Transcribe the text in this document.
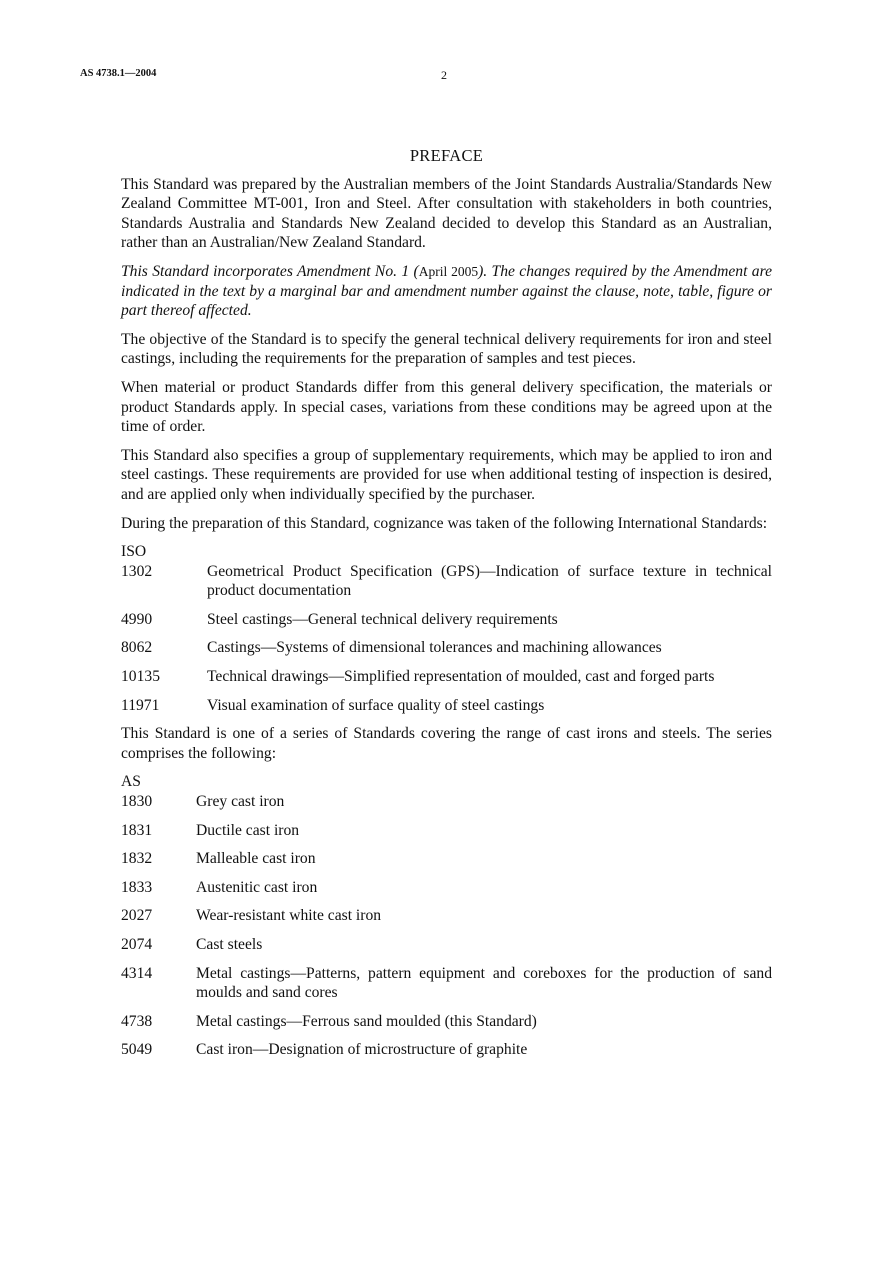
AS 4738.1—2004	2
PREFACE

This Standard was prepared by the Australian members of the Joint Standards Australia/Standards New Zealand Committee MT-001, Iron and Steel. After consultation with stakeholders in both countries, Standards Australia and Standards New Zealand decided to develop this Standard as an Australian, rather than an Australian/New Zealand Standard.

This Standard incorporates Amendment No. 1 (April 2005). The changes required by the Amendment are indicated in the text by a marginal bar and amendment number against the clause, note, table, figure or part thereof affected.

The objective of the Standard is to specify the general technical delivery requirements for iron and steel castings, including the requirements for the preparation of samples and test pieces.

When material or product Standards differ from this general delivery specification, the materials or product Standards apply. In special cases, variations from these conditions may be agreed upon at the time of order.

This Standard also specifies a group of supplementary requirements, which may be applied to iron and steel castings. These requirements are provided for use when additional testing of inspection is desired, and are applied only when individually specified by the purchaser.

During the preparation of this Standard, cognizance was taken of the following International Standards:

ISO
1302	Geometrical Product Specification (GPS)—Indication of surface texture in technical product documentation
4990	Steel castings—General technical delivery requirements
8062	Castings—Systems of dimensional tolerances and machining allowances
10135	Technical drawings—Simplified representation of moulded, cast and forged parts
11971	Visual examination of surface quality of steel castings

This Standard is one of a series of Standards covering the range of cast irons and steels. The series comprises the following:

AS
1830	Grey cast iron
1831	Ductile cast iron
1832	Malleable cast iron
1833	Austenitic cast iron
2027	Wear-resistant white cast iron
2074	Cast steels
4314	Metal castings—Patterns, pattern equipment and coreboxes for the production of sand moulds and sand cores
4738	Metal castings—Ferrous sand moulded (this Standard)
5049	Cast iron—Designation of microstructure of graphite
